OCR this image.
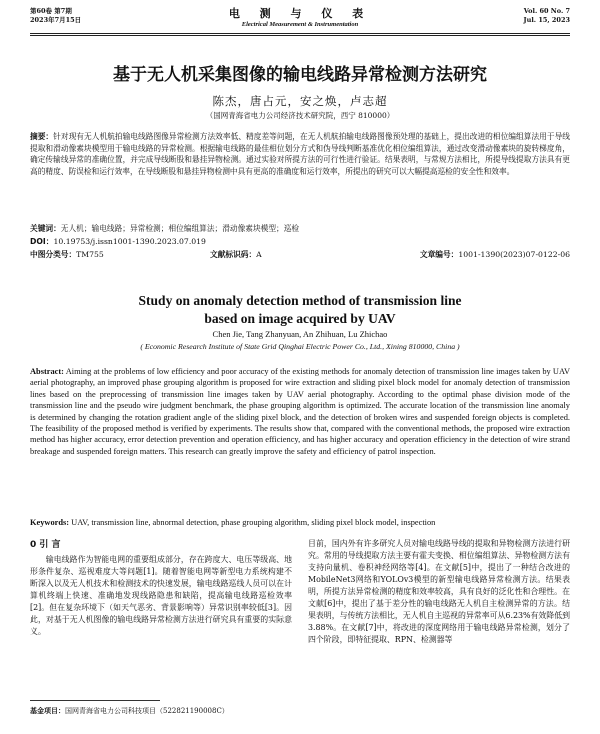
第60卷 第7期
2023年7月15日	电 测 与 仪 表
Electrical Measurement & Instrumentation
Vol. 60 No. 7
Jul. 15, 2023
基于无人机采集图像的输电线路异常检测方法研究
陈杰，唐占元，安之焕，卢志超
（国网青海省电力公司经济技术研究院，西宁 810000）
摘要：针对现有无人机航拍输电线路图像异常检测方法效率低、精度差等问题，在无人机航拍输电线路图像预处理的基础上，提出改进的相位编组算法用于导线提取和滑动像素块模型用于输电线路的异常检测。根据输电线路的最佳相位划分方式和伪导线判断基准优化相位编组算法，通过改变滑动像素块的旋转梯度角，确定传输线异常的准确位置，并完成导线断股和悬挂异物检测。通过实验对所提方法的可行性进行验证。结果表明，与常规方法相比，所提导线提取方法具有更高的精度、防误检和运行效率，在导线断股和悬挂异物检测中具有更高的准确度和运行效率，所提出的研究可以大幅提高巡检的安全性和效率。
关键词：无人机；输电线路；异常检测；相位编组算法；滑动像素块模型；巡检
DOI：10.19753/j.issn1001-1390.2023.07.019
中图分类号：TM755	文献标识码：A	文章编号：1001-1390(2023)07-0122-06
Study on anomaly detection method of transmission line
based on image acquired by UAV
Chen Jie, Tang Zhanyuan, An Zhihuan, Lu Zhichao
( Economic Research Institute of State Grid Qinghai Electric Power Co., Ltd., Xining 810000, China )
Abstract: Aiming at the problems of low efficiency and poor accuracy of the existing methods for anomaly detection of transmission line images taken by UAV aerial photography, an improved phase grouping algorithm is proposed for wire extraction and sliding pixel block model for anomaly detection of transmission lines based on the preprocessing of transmission line images taken by UAV aerial photography. According to the optimal phase division mode of the transmission line and the pseudo wire judgment benchmark, the phase grouping algorithm is optimized. The accurate location of the transmission line anomaly is determined by changing the rotation gradient angle of the sliding pixel block, and the detection of broken wires and suspended foreign objects is completed. The feasibility of the proposed method is verified by experiments. The results show that, compared with the conventional methods, the proposed wire extraction method has higher accuracy, error detection prevention and operation efficiency, and has higher accuracy and operation efficiency in the detection of wire strand breakage and suspended foreign matters. This research can greatly improve the safety and efficiency of patrol inspection.
Keywords: UAV, transmission line, abnormal detection, phase grouping algorithm, sliding pixel block model, inspection
0 引 言

输电线路作为智能电网的重要组成部分，存在跨度大、电压等级高、地形条件复杂、巡视难度大等问题[1]。随着智能电网等新型电力系统构建不断深入以及无人机技术和检测技术的快速发展，输电线路巡线人员可以在计算机终端上快速、准确地发现线路隐患和缺陷，提高输电线路巡检效率[2]。但在复杂环境下（如天气恶劣、背景影响等）异常识别率较低[3]。因此，对基于无人机图像的输电线路异常检测方法进行研究具有重要的实际意义。

目前，国内外有许多研究人员对输电线路导线的提取和异物检测方法进行研究。常用的导线提取方法主要有霍夫变换、相位编组算法、异物检测方法有支持向量机、卷积神经网络等[4]。在文献[5]中，提出了一种结合改进的MobileNet3网络和YOLOv3模型的新型输电线路异常检测方法。结果表明，所提方法异常检测的精度和效率较高，具有良好的泛化性和合理性。在文献[6]中，提出了基于差分性的输电线路无人机自主检测异常的方法。结果表明，与传统方法相比，无人机自主巡视的异常率可从6.23%有效降低到3.88%。在文献[7]中，将改进的深度网络用于输电线路异常检测，划分了四个阶段，即特征提取、RPN、检测器等

基金项目：国网青海省电力公司科技项目（522821190008C）
